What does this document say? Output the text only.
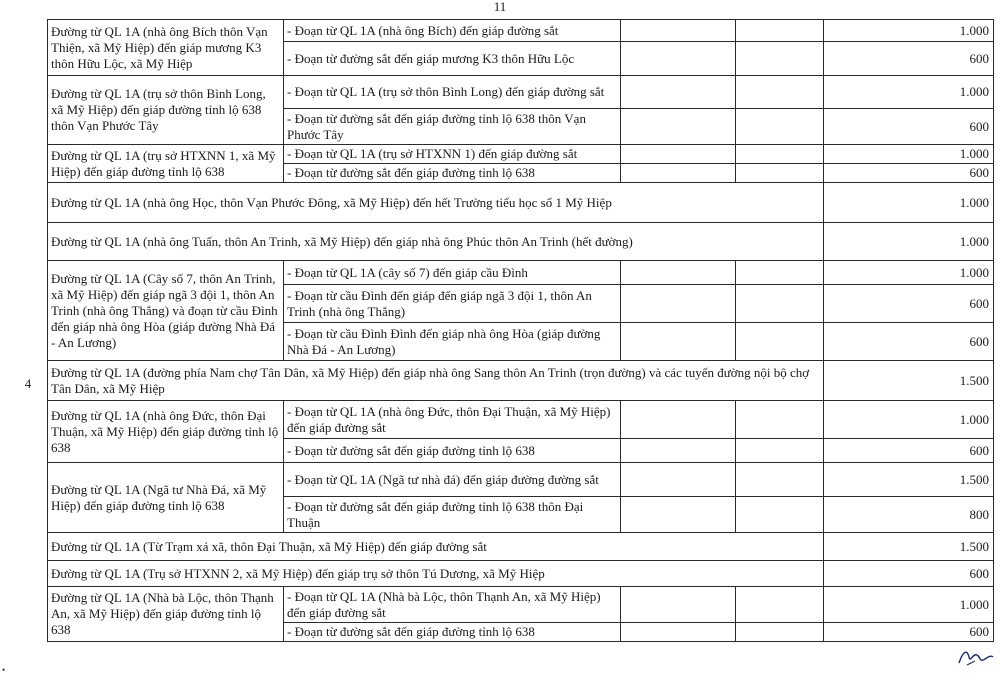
11
4
•
Đường từ QL 1A (nhà ông Bích thôn Vạn Thiện, xã Mỹ Hiệp) đến giáp mương K3 thôn Hữu Lộc, xã Mỹ Hiệp	- Đoạn từ QL 1A (nhà ông Bích) đến giáp đường sắt			1.000
	- Đoạn từ đường sắt đến giáp mương K3 thôn Hữu Lộc			600
Đường từ QL 1A (trụ sở thôn Bình Long, xã Mỹ Hiệp) đến giáp đường tỉnh lộ 638 thôn Vạn Phước Tây	- Đoạn từ QL 1A (trụ sở thôn Bình Long) đến giáp đường sắt			1.000
	- Đoạn từ đường sắt đến giáp đường tỉnh lộ 638 thôn Vạn Phước Tây			600
Đường từ QL 1A (trụ sở HTXNN 1, xã Mỹ Hiệp) đến giáp đường tỉnh lộ 638	- Đoạn từ QL 1A (trụ sở HTXNN 1) đến giáp đường sắt			1.000
	- Đoạn từ đường sắt đến giáp đường tỉnh lộ 638			600
Đường từ QL 1A (nhà ông Học, thôn Vạn Phước Đông, xã Mỹ Hiệp) đến hết Trường tiểu học số 1 Mỹ Hiệp				1.000
Đường từ QL 1A (nhà ông Tuấn, thôn An Trinh, xã Mỹ Hiệp) đến giáp nhà ông Phúc thôn An Trinh (hết đường)				1.000
Đường từ QL 1A (Cây số 7, thôn An Trinh, xã Mỹ Hiệp) đến giáp ngã 3 đội 1, thôn An Trinh (nhà ông Thắng) và đoạn từ cầu Đình đến giáp nhà ông Hòa (giáp đường Nhà Đá - An Lương)	- Đoạn từ QL 1A (cây số 7) đến giáp cầu Đình			1.000
	- Đoạn từ cầu Đình đến giáp đến giáp ngã 3 đội 1, thôn An Trinh (nhà ông Thắng)			600
	- Đoạn từ cầu Đình Đình đến giáp nhà ông Hòa (giáp đường Nhà Đá - An Lương)			600
Đường từ QL 1A (đường phía Nam chợ Tân Dân, xã Mỹ Hiệp) đến giáp nhà ông Sang thôn An Trinh (trọn đường) và các tuyến đường nội bộ chợ Tân Dân, xã Mỹ Hiệp				1.500
Đường từ QL 1A (nhà ông Đức, thôn Đại Thuận, xã Mỹ Hiệp) đến giáp đường tỉnh lộ 638	- Đoạn từ QL 1A (nhà ông Đức, thôn Đại Thuận, xã Mỹ Hiệp) đến giáp đường sắt			1.000
	- Đoạn từ đường sắt đến giáp đường tỉnh lộ 638			600
Đường từ QL 1A (Ngã tư Nhà Đá, xã Mỹ Hiệp) đến giáp đường tỉnh lộ 638	- Đoạn từ QL 1A (Ngã tư nhà đá) đến giáp đường đường sắt			1.500
	- Đoạn từ đường sắt đến giáp đường tỉnh lộ 638 thôn Đại Thuận			800
Đường từ QL 1A (Từ Trạm xá xã, thôn Đại Thuận, xã Mỹ Hiệp) đến giáp đường sắt				1.500
Đường từ QL 1A (Trụ sở HTXNN 2, xã Mỹ Hiệp) đến giáp trụ sở thôn Tú Dương, xã Mỹ Hiệp				600
Đường từ QL 1A (Nhà bà Lộc, thôn Thạnh An, xã Mỹ Hiệp) đến giáp đường tỉnh lộ 638	- Đoạn từ QL 1A (Nhà bà Lộc, thôn Thạnh An, xã Mỹ Hiệp) đến giáp đường sắt			1.000
	- Đoạn từ đường sắt đến giáp đường tỉnh lộ 638			600
